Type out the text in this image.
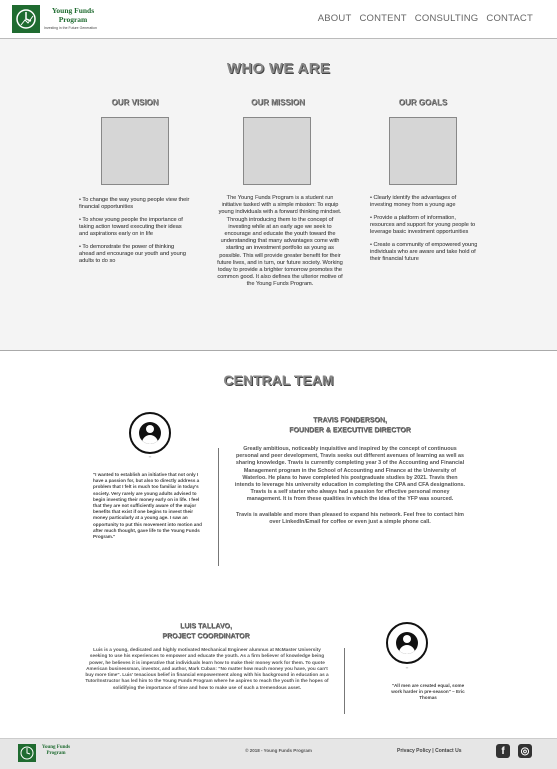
Young Funds Program
Investing in the Future Generation
ABOUT CONTENT CONSULTING CONTACT
WHO WE ARE
OUR VISION	OUR MISSION	OUR GOALS

• To change the way young people view their financial opportunities

• To show young people the importance of taking action toward executing their ideas and aspirations early on in life

• To demonstrate the power of thinking ahead and encourage our youth and young adults to do so

The Young Funds Program is a student run initiative tasked with a simple mission: To equip young individuals with a forward thinking mindset. Through introducing them to the concept of investing while at an early age we seek to encourage and educate the youth toward the understanding that many advantages come with starting an investment portfolio as young as possible. This will provide greater benefit for their future lives, and in turn, our future society. Working today to provide a brighter tomorrow promotes the common good. It also defines the ulterior motive of the Young Funds Program.

• Clearly identify the advantages of investing money from a young age

• Provide a platform of information, resources and support for young people to leverage basic investment opportunities

• Create a community of empowered young individuals who are aware and take hold of their financial future

CENTRAL TEAM
""
"I wanted to establish an initiative that not only I have a passion for, but also to directly address a problem that I felt is much too familiar in today's society. Very rarely are young adults advised to begin investing their money early on in life. I feel that they are not sufficiently aware of the major benefits that exist if one begins to invest their money particularly at a young age. I saw an opportunity to put this movement into motion and after much thought, gave life to the Young Funds Program."
TRAVIS FONDERSON,
FOUNDER & EXECUTIVE DIRECTOR
Greatly ambitious, noticeably inquisitive and inspired by the concept of continuous personal and peer development, Travis seeks out different avenues of learning as well as sharing knowledge. Travis is currently completing year 3 of the Accounting and Financial Management program in the School of Accounting and Finance at the University of Waterloo. He plans to have completed his postgraduate studies by 2021. Travis then intends to leverage his university education in completing the CPA and CFA designations. Travis is a self starter who always had a passion for effective personal money management. It is from these qualities in which the idea of the YFP was sourced.
Travis is available and more than pleased to expand his network. Feel free to contact him over LinkedIn/Email for coffee or even just a simple phone call.
LUIS TALLAVO,
PROJECT COORDINATOR
Luis is a young, dedicated and highly motivated Mechanical Engineer alumnus at McMaster University seeking to use his experiences to empower and educate the youth. As a firm believer of knowledge being power, he believes it is imperative that individuals learn how to make their money work for them. To quote American businessman, investor, and author, Mark Cuban: "No matter how much money you have, you can't buy more time". Luis' tenacious belief in financial empowerment along with his background in education as a Tutor/Instructor has led him to the Young Funds Program where he aspires to reach the youth in the hopes of solidifying the importance of time and how to make use of such a tremendous asset.
""
"All men are created equal, some work harder in pre-season" – Eric Thomas
Young Funds Program
© 2018 - Young Funds Program	Privacy Policy | Contact Us	f	◎
